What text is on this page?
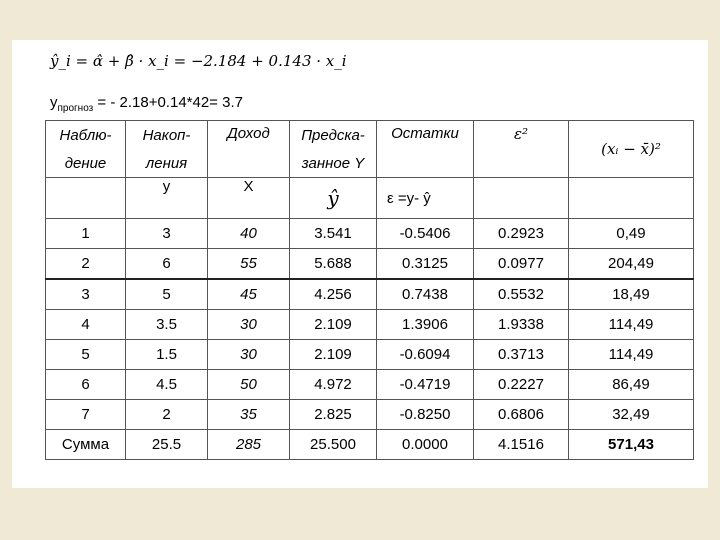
ŷ_i = α̂ + β̂ · x_i = −2.184 + 0.143 · x_i
$y_{прогноз}$ = - 2.18+0.14*42= 3.7
Наблю-	Накоп-	Доход	Предска-	Остатки	ε²	(xᵢ − x̄)²
дение	ления		занное Y			
	y	X	ŷ	ε =y- ŷ		
1	3	40	3.541	-0.5406	0.2923	0,49
2	6	55	5.688	0.3125	0.0977	204,49
3	5	45	4.256	0.7438	0.5532	18,49
4	3.5	30	2.109	1.3906	1.9338	114,49
5	1.5	30	2.109	-0.6094	0.3713	114,49
6	4.5	50	4.972	-0.4719	0.2227	86,49
7	2	35	2.825	-0.8250	0.6806	32,49
Сумма	25.5	285	25.500	0.0000	4.1516	571,43
